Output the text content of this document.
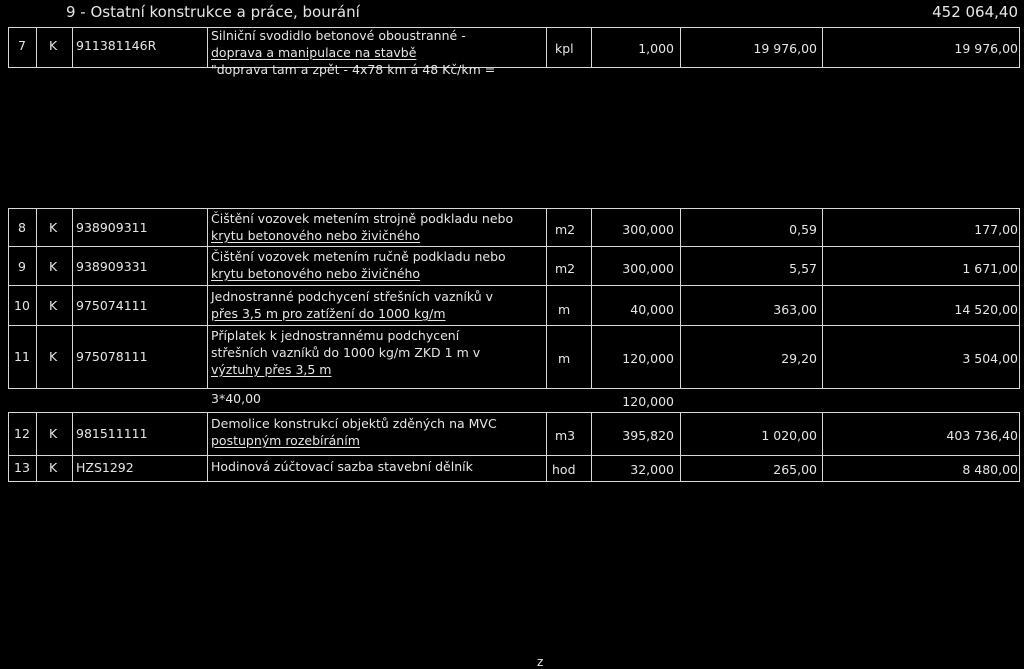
9 - Ostatní konstrukce a práce, bourání	452 064,40
7 K 911381146R
Silniční svodidlo betonové oboustranné -
doprava a manipulace na stavbě
"doprava tam a zpět - 4x78 km á 48 Kč/km =
kpl	1,000	19 976,00	19 976,00
8 K 938909311
Čištění vozovek metením strojně podkladu nebo
krytu betonového nebo živičného	m2	300,000	0,59	177,00
9 K 938909331
Čištění vozovek metením ručně podkladu nebo
krytu betonového nebo živičného	m2	300,000	5,57	1 671,00
10 K 975074111
Jednostranné podchycení střešních vazníků v
přes 3,5 m pro zatížení do 1000 kg/m	m	40,000	363,00	14 520,00
11 K 975078111
Příplatek k jednostrannému podchycení
střešních vazníků do 1000 kg/m ZKD 1 m v
výztuhy přes 3,5 m
m	120,000	29,20	3 504,00
3*40,00	120,000
12 K 981511111
Demolice konstrukcí objektů zděných na MVC
postupným rozebíráním	m3	395,820	1 020,00	403 736,40
13 K HZS1292	Hodinová zúčtovací sazba stavební dělník	hod	32,000	265,00	8 480,00
z
